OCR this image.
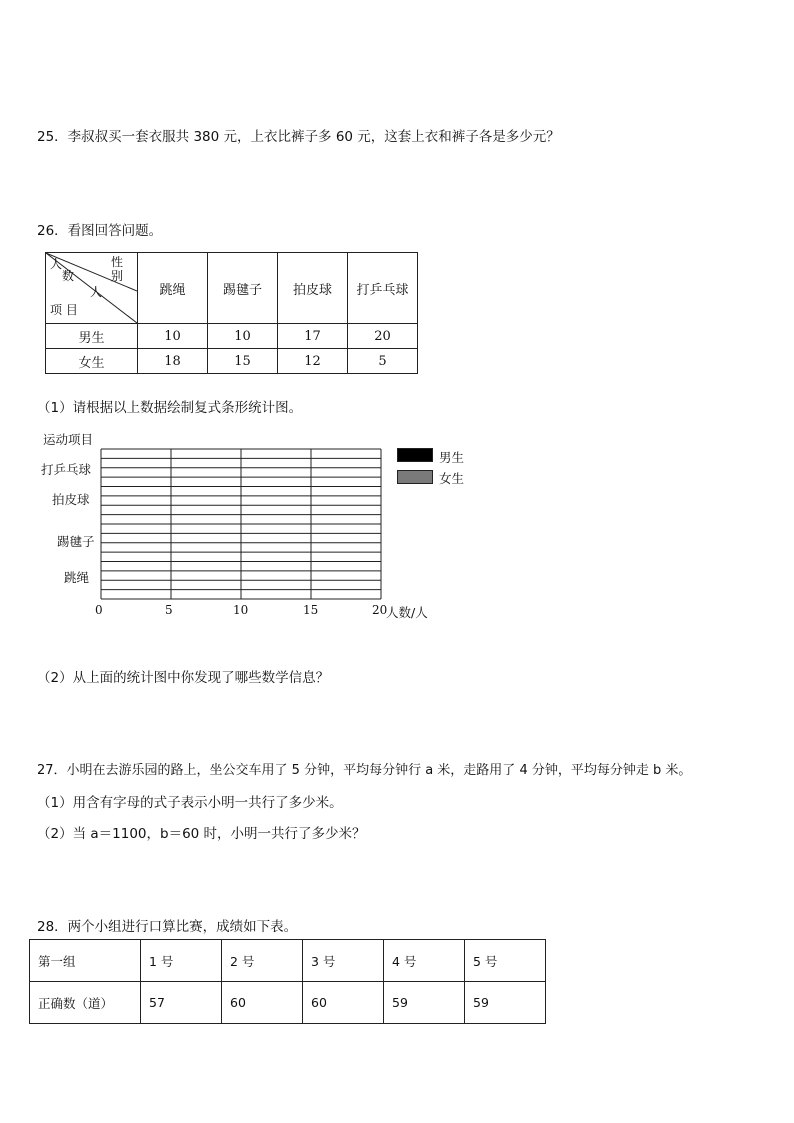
25．李叔叔买一套衣服共 380 元，上衣比裤子多 60 元，这套上衣和裤子各是多少元？
26．看图回答问题。
人
数
人
性别
项 目	跳绳	踢毽子	拍皮球	打乒乓球
男生	10	10	17	20
女生	18	15	12	5
（1）请根据以上数据绘制复式条形统计图。
运动项目
打乒乓球
拍皮球
踢毽子
跳绳
0	5	10	15	20
人数/人
男生
女生
（2）从上面的统计图中你发现了哪些数学信息？
27．小明在去游乐园的路上，坐公交车用了 5 分钟，平均每分钟行 a 米，走路用了 4 分钟，平均每分钟走 b 米。
（1）用含有字母的式子表示小明一共行了多少米。
（2）当 a＝1100，b＝60 时，小明一共行了多少米？
28．两个小组进行口算比赛，成绩如下表。
第一组	1 号	2 号	3 号	4 号	5 号
正确数（道）	57	60	60	59	59
